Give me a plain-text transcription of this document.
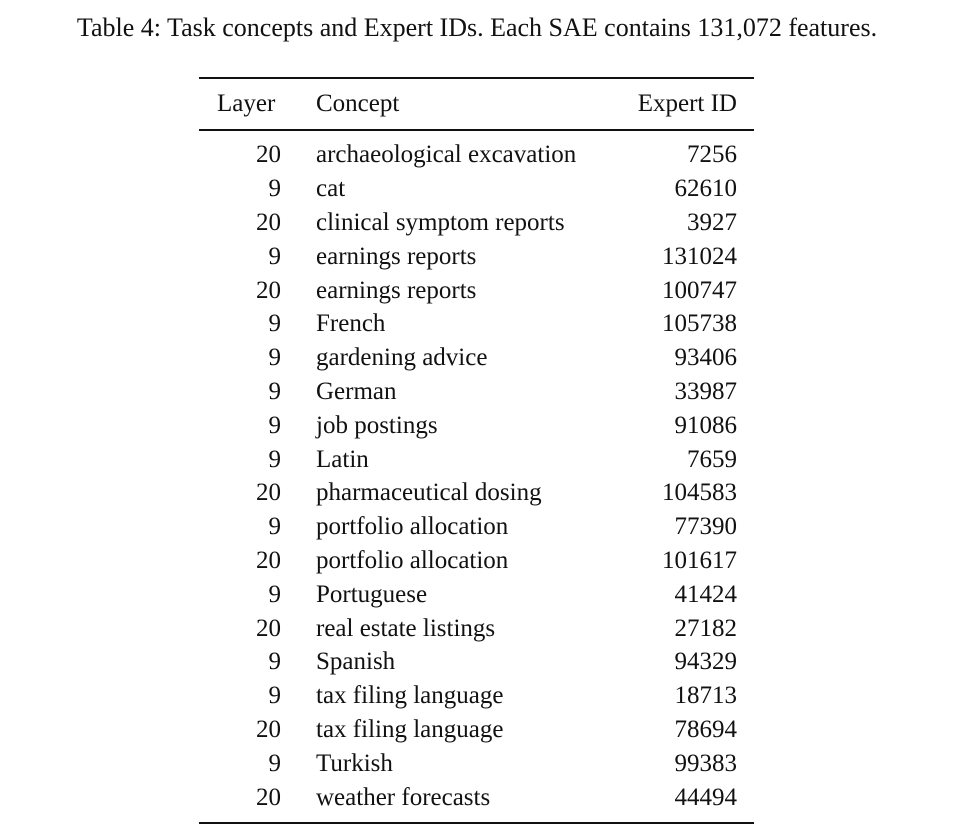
Table 4: Task concepts and Expert IDs. Each SAE contains 131,072 features.
Layer	Concept	Expert ID
20	archaeological excavation	7256
9	cat	62610
20	clinical symptom reports	3927
9	earnings reports	131024
20	earnings reports	100747
9	French	105738
9	gardening advice	93406
9	German	33987
9	job postings	91086
9	Latin	7659
20	pharmaceutical dosing	104583
9	portfolio allocation	77390
20	portfolio allocation	101617
9	Portuguese	41424
20	real estate listings	27182
9	Spanish	94329
9	tax filing language	18713
20	tax filing language	78694
9	Turkish	99383
20	weather forecasts	44494
